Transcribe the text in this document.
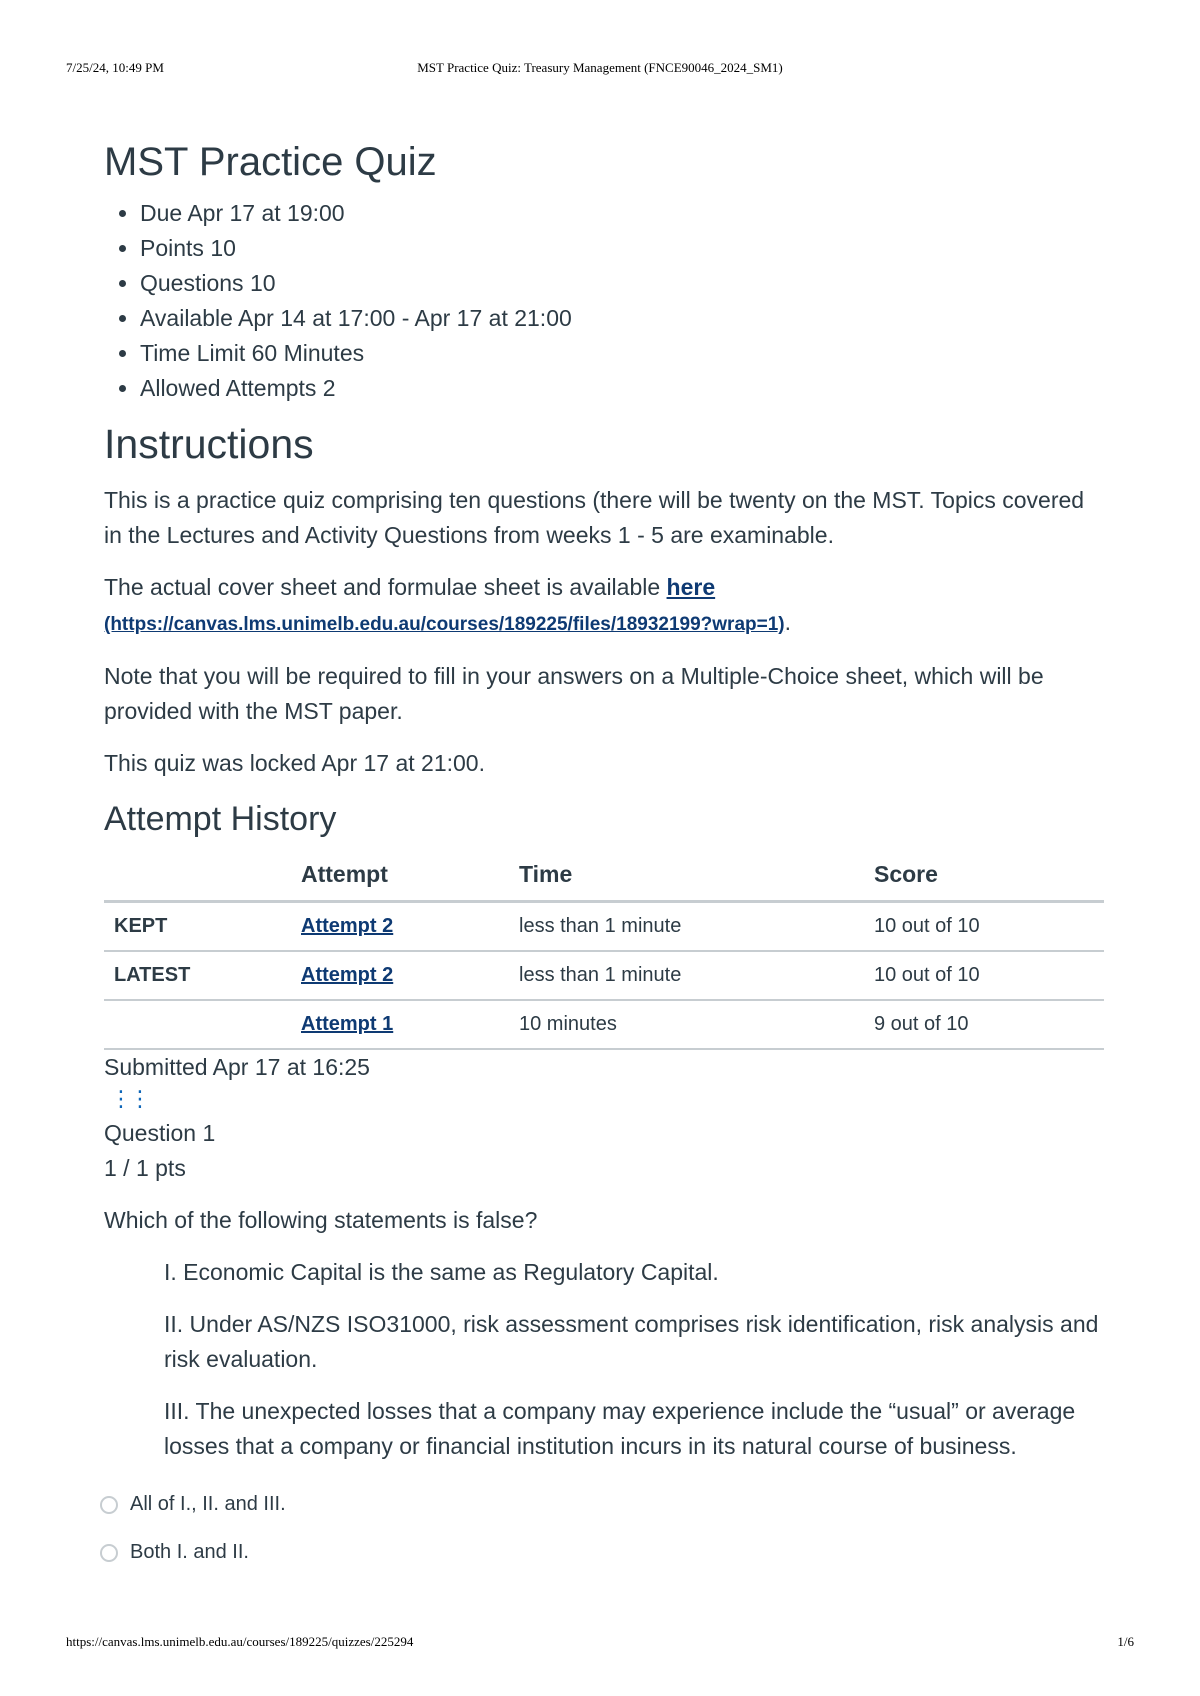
7/25/24, 10:49 PM	MST Practice Quiz: Treasury Management (FNCE90046_2024_SM1)
MST Practice Quiz
• Due Apr 17 at 19:00
• Points 10
• Questions 10
• Available Apr 14 at 17:00 - Apr 17 at 21:00
• Time Limit 60 Minutes
• Allowed Attempts 2
Instructions

This is a practice quiz comprising ten questions (there will be twenty on the MST. Topics covered in the Lectures and Activity Questions from weeks 1 - 5 are examinable.

The actual cover sheet and formulae sheet is available here
(https://canvas.lms.unimelb.edu.au/courses/189225/files/18932199?wrap=1).

Note that you will be required to fill in your answers on a Multiple-Choice sheet, which will be provided with the MST paper.

This quiz was locked Apr 17 at 21:00.

Attempt History
	Attempt	Time	Score
KEPT	Attempt 2	less than 1 minute	10 out of 10
LATEST	Attempt 2	less than 1 minute	10 out of 10
	Attempt 1	10 minutes	9 out of 10
Submitted Apr 17 at 16:25
⋮⋮
Question 1
1 / 1 pts
Which of the following statements is false?
I. Economic Capital is the same as Regulatory Capital.
II. Under AS/NZS ISO31000, risk assessment comprises risk identification, risk analysis and risk evaluation.
III. The unexpected losses that a company may experience include the “usual” or average losses that a company or financial institution incurs in its natural course of business.
All of I., II. and III.
Both I. and II.
https://canvas.lms.unimelb.edu.au/courses/189225/quizzes/225294	1/6
